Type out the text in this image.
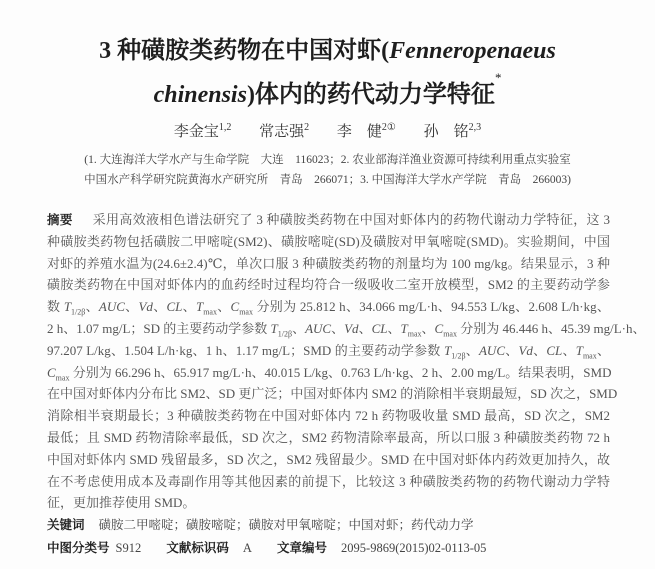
3 种磺胺类药物在中国对虾(Fenneropenaeus
chinensis)体内的药代动力学特征*
李金宝$^{1,2}$ 常志强$^2$ 李　健$^{2①}$ 孙　铭$^{2,3}$
(1. 大连海洋大学水产与生命学院　大连　116023；2. 农业部海洋渔业资源可持续利用重点实验室
中国水产科学研究院黄海水产研究所　青岛　266071；3. 中国海洋大学水产学院　青岛　266003)
摘要 采用高效液相色谱法研究了 3 种磺胺类药物在中国对虾体内的药物代谢动力学特征，这 3
种磺胺类药物包括磺胺二甲嘧啶(SM2)、磺胺嘧啶(SD)及磺胺对甲氧嘧啶(SMD)。实验期间，中国
对虾的养殖水温为(24.6±2.4)℃，单次口服 3 种磺胺类药物的剂量均为 100 mg/kg。结果显示，3 种
磺胺类药物在中国对虾体内的血药经时过程均符合一级吸收二室开放模型，SM2 的主要药动学参
数 $T_{1/2\beta}$、AUC、Vd、CL、$T_{max}$、$C_{max}$ 分别为 25.812 h、34.066 mg/L·h、94.553 L/kg、2.608 L/h·kg、
2 h、1.07 mg/L；SD 的主要药动学参数 $T_{1/2\beta}$、AUC、Vd、CL、$T_{max}$、$C_{max}$ 分别为 46.446 h、45.39 mg/L·h、
97.207 L/kg、1.504 L/h·kg、1 h、1.17 mg/L；SMD 的主要药动学参数 $T_{1/2\beta}$、AUC、Vd、CL、$T_{max}$、
$C_{max}$ 分别为 66.296 h、65.917 mg/L·h、40.015 L/kg、0.763 L/h·kg、2 h、2.00 mg/L。结果表明，SMD
在中国对虾体内分布比 SM2、SD 更广泛；中国对虾体内 SM2 的消除相半衰期最短，SD 次之，SMD
消除相半衰期最长；3 种磺胺类药物在中国对虾体内 72 h 药物吸收量 SMD 最高，SD 次之，SM2
最低；且 SMD 药物清除率最低，SD 次之，SM2 药物清除率最高，所以口服 3 种磺胺类药物 72 h
中国对虾体内 SMD 残留最多，SD 次之，SM2 残留最少。SMD 在中国对虾体内药效更加持久，故
在不考虑使用成本及毒副作用等其他因素的前提下，比较这 3 种磺胺类药物的药物代谢动力学特
征，更加推荐使用 SMD。
关键词 磺胺二甲嘧啶；磺胺嘧啶；磺胺对甲氧嘧啶；中国对虾；药代动力学
中图分类号 S912 文献标识码 A 文章编号 2095-9869(2015)02-0113-05
